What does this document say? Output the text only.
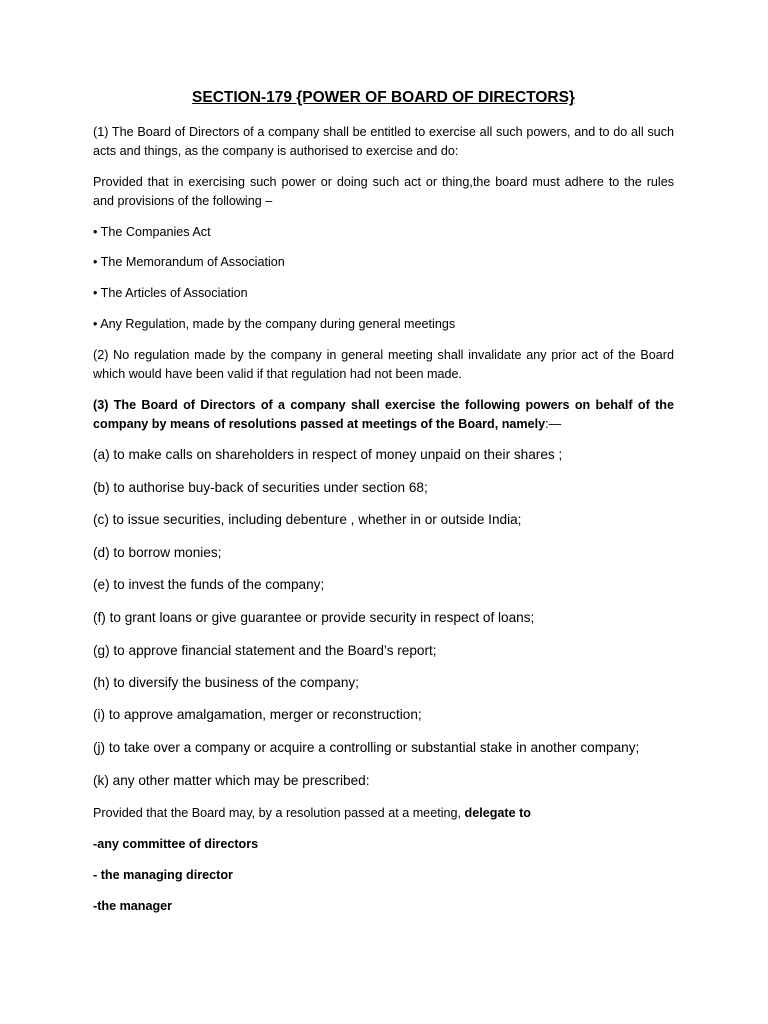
SECTION-179 {POWER OF BOARD OF DIRECTORS}

(1) The Board of Directors of a company shall be entitled to exercise all such powers, and to do all such acts and things, as the company is authorised to exercise and do:

Provided that in exercising such power or doing such act or thing,the board must adhere to the rules and provisions of the following –

• The Companies Act

• The Memorandum of Association

• The Articles of Association

• Any Regulation, made by the company during general meetings

(2) No regulation made by the company in general meeting shall invalidate any prior act of the Board which would have been valid if that regulation had not been made.

(3) The Board of Directors of a company shall exercise the following powers on behalf of the company by means of resolutions passed at meetings of the Board, namely:—

(a) to make calls on shareholders in respect of money unpaid on their shares ;

(b) to authorise buy-back of securities under section 68;

(c) to issue securities, including debenture , whether in or outside India;

(d) to borrow monies;

(e) to invest the funds of the company;

(f) to grant loans or give guarantee or provide security in respect of loans;

(g) to approve financial statement and the Board’s report;

(h) to diversify the business of the company;

(i) to approve amalgamation, merger or reconstruction;

(j) to take over a company or acquire a controlling or substantial stake in another company;

(k) any other matter which may be prescribed:

Provided that the Board may, by a resolution passed at a meeting, delegate to

-any committee of directors

- the managing director

-the manager
